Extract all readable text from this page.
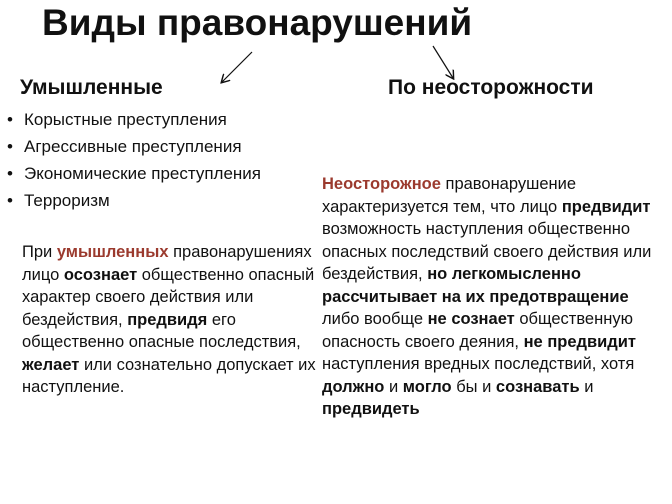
Виды правонарушений
Умышленные	По неосторожности
• Корыстные преступления
• Агрессивные преступления
• Экономические преступления
• Терроризм
При умышленных правонарушениях лицо осознает общественно опасный характер своего действия или бездействия, предвидя его общественно опасные последствия, желает или сознательно допускает их наступление.
Неосторожное правонарушение характеризуется тем, что лицо предвидит возможность наступления общественно опасных последствий своего действия или бездействия, но легкомысленно рассчитывает на их предотвращение
либо вообще не сознает общественную опасность своего деяния, не предвидит наступления вредных последствий, хотя должно и могло бы и сознавать и предвидеть
